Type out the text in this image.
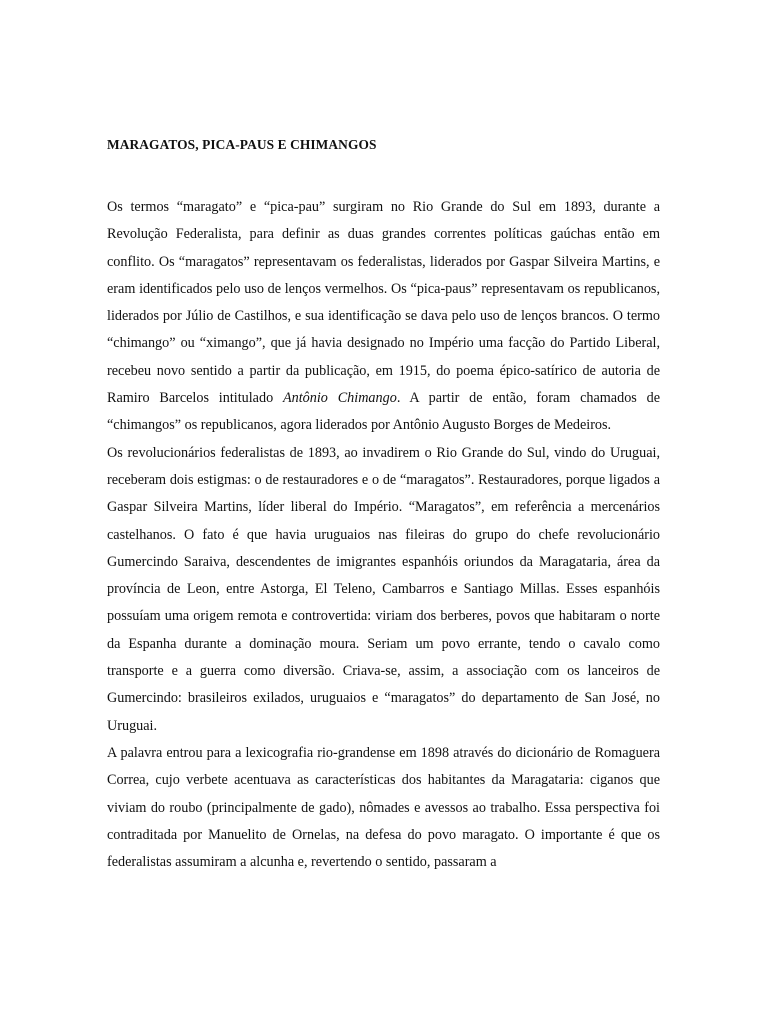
MARAGATOS, PICA-PAUS E CHIMANGOS

Os termos “maragato” e “pica-pau” surgiram no Rio Grande do Sul em 1893, durante a Revolução Federalista, para definir as duas grandes correntes políticas gaúchas então em conflito. Os “maragatos” representavam os federalistas, liderados por Gaspar Silveira Martins, e eram identificados pelo uso de lenços vermelhos. Os “pica-paus” representavam os republicanos, liderados por Júlio de Castilhos, e sua identificação se dava pelo uso de lenços brancos. O termo “chimango” ou “ximango”, que já havia designado no Império uma facção do Partido Liberal, recebeu novo sentido a partir da publicação, em 1915, do poema épico-satírico de autoria de Ramiro Barcelos intitulado Antônio Chimango. A partir de então, foram chamados de “chimangos” os republicanos, agora liderados por Antônio Augusto Borges de Medeiros.

Os revolucionários federalistas de 1893, ao invadirem o Rio Grande do Sul, vindo do Uruguai, receberam dois estigmas: o de restauradores e o de “maragatos”. Restauradores, porque ligados a Gaspar Silveira Martins, líder liberal do Império. “Maragatos”, em referência a mercenários castelhanos. O fato é que havia uruguaios nas fileiras do grupo do chefe revolucionário Gumercindo Saraiva, descendentes de imigrantes espanhóis oriundos da Maragataria, área da província de Leon, entre Astorga, El Teleno, Cambarros e Santiago Millas. Esses espanhóis possuíam uma origem remota e controvertida: viriam dos berberes, povos que habitaram o norte da Espanha durante a dominação moura. Seriam um povo errante, tendo o cavalo como transporte e a guerra como diversão. Criava-se, assim, a associação com os lanceiros de Gumercindo: brasileiros exilados, uruguaios e “maragatos” do departamento de San José, no Uruguai.

A palavra entrou para a lexicografia rio-grandense em 1898 através do dicionário de Romaguera Correa, cujo verbete acentuava as características dos habitantes da Maragataria: ciganos que viviam do roubo (principalmente de gado), nômades e avessos ao trabalho. Essa perspectiva foi contraditada por Manuelito de Ornelas, na defesa do povo maragato. O importante é que os federalistas assumiram a alcunha e, revertendo o sentido, passaram a
